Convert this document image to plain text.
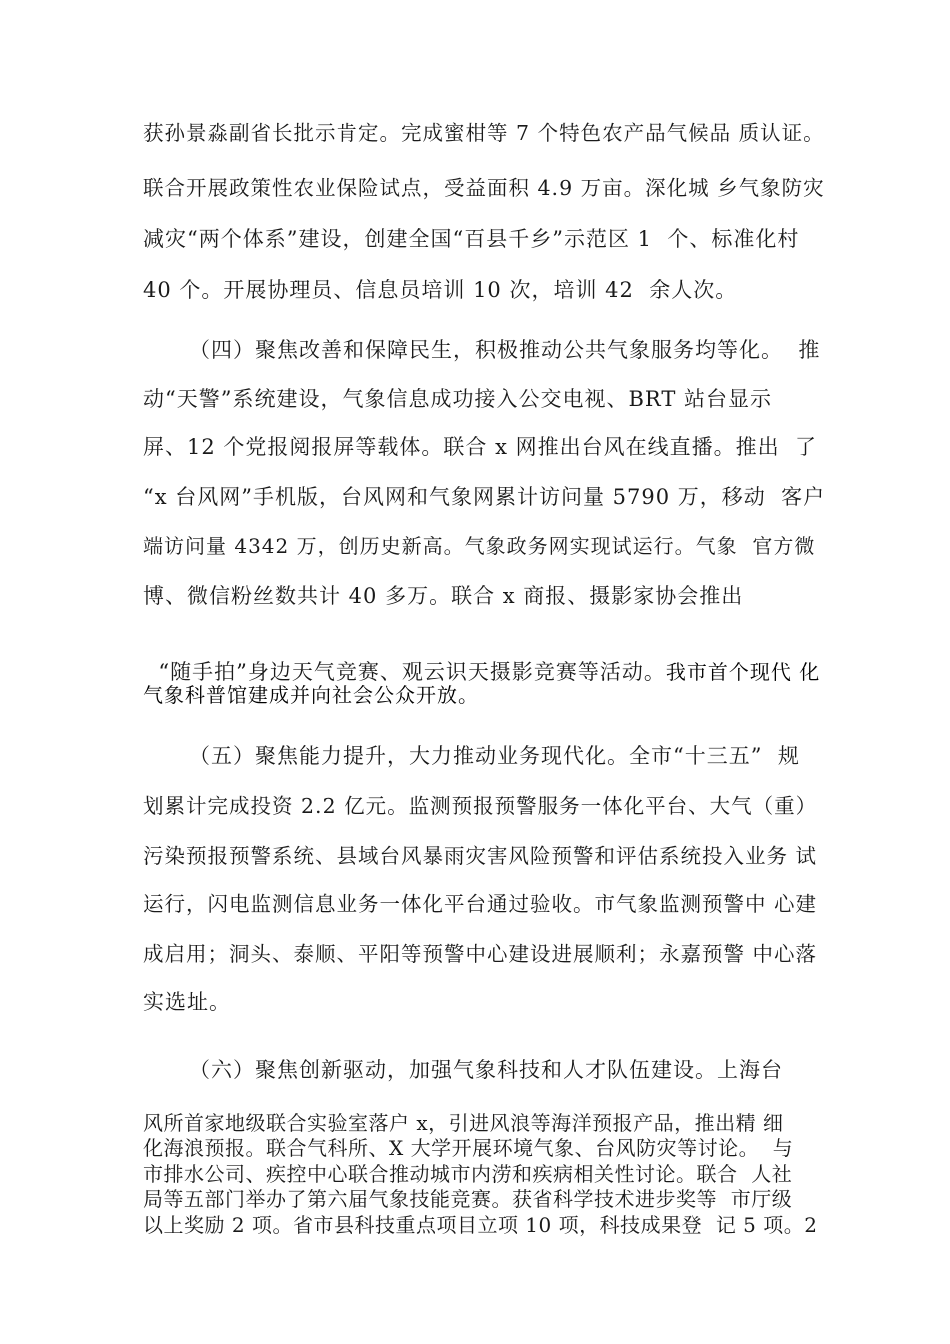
获孙景淼副省长批示肯定。完成蜜柑等 7 个特色农产品气候品 质认证。
联合开展政策性农业保险试点，受益面积 4.9 万亩。深化城 乡气象防灾
减灾“两个体系”建设，创建全国“百县千乡”示范区 1  个、标准化村
40 个。开展协理员、信息员培训 10 次，培训 42  余人次。
（四）聚焦改善和保障民生，积极推动公共气象服务均等化。  推
动“天警”系统建设，气象信息成功接入公交电视、BRT 站台显示
屏、12 个党报阅报屏等载体。联合 x 网推出台风在线直播。推出  了
“x 台风网”手机版，台风网和气象网累计访问量 5790 万，移动  客户
端访问量 4342 万，创历史新高。气象政务网实现试运行。气象  官方微
博、微信粉丝数共计 40 多万。联合 x 商报、摄影家协会推出

“随手拍”身边天气竞赛、观云识天摄影竞赛等活动。我市首个现代 化

气象科普馆建成并向社会公众开放。
（五）聚焦能力提升，大力推动业务现代化。全市“十三五”  规
划累计完成投资 2.2 亿元。监测预报预警服务一体化平台、大气（重）
污染预报预警系统、县域台风暴雨灾害风险预警和评估系统投入业务 试
运行，闪电监测信息业务一体化平台通过验收。市气象监测预警中 心建
成启用；洞头、泰顺、平阳等预警中心建设进展顺利；永嘉预警 中心落
实选址。
（六）聚焦创新驱动，加强气象科技和人才队伍建设。上海台
风所首家地级联合实验室落户 x，引进风浪等海洋预报产品，推出精 细
化海浪预报。联合气科所、X 大学开展环境气象、台风防灾等讨论。  与
市排水公司、疾控中心联合推动城市内涝和疾病相关性讨论。联合  人社
局等五部门举办了第六届气象技能竞赛。获省科学技术进步奖等  市厅级
以上奖励 2 项。省市县科技重点项目立项 10 项，科技成果登  记 5 项。2
